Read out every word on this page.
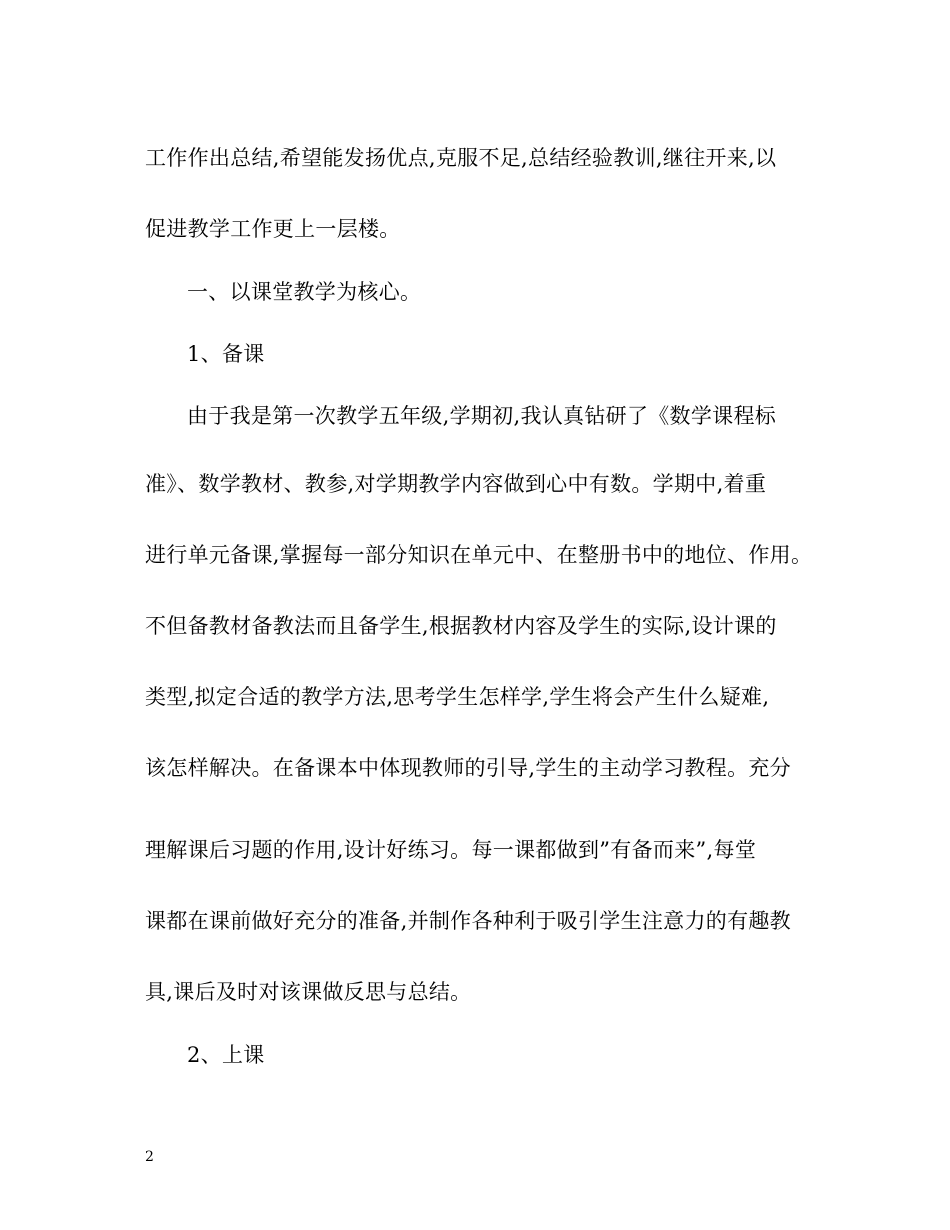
工作作出总结,希望能发扬优点,克服不足,总结经验教训,继往开来,以
促进教学工作更上一层楼。
一、以课堂教学为核心。
1、备课
由于我是第一次教学五年级,学期初,我认真钻研了《数学课程标
准》、数学教材、教参,对学期教学内容做到心中有数。学期中,着重
进行单元备课,掌握每一部分知识在单元中、在整册书中的地位、作用。
不但备教材备教法而且备学生,根据教材内容及学生的实际,设计课的
类型,拟定合适的教学方法,思考学生怎样学,学生将会产生什么疑难,
该怎样解决。在备课本中体现教师的引导,学生的主动学习教程。充分
理解课后习题的作用,设计好练习。每一课都做到”有备而来”,每堂
课都在课前做好充分的准备,并制作各种利于吸引学生注意力的有趣教
具,课后及时对该课做反思与总结。
2、上课
2
